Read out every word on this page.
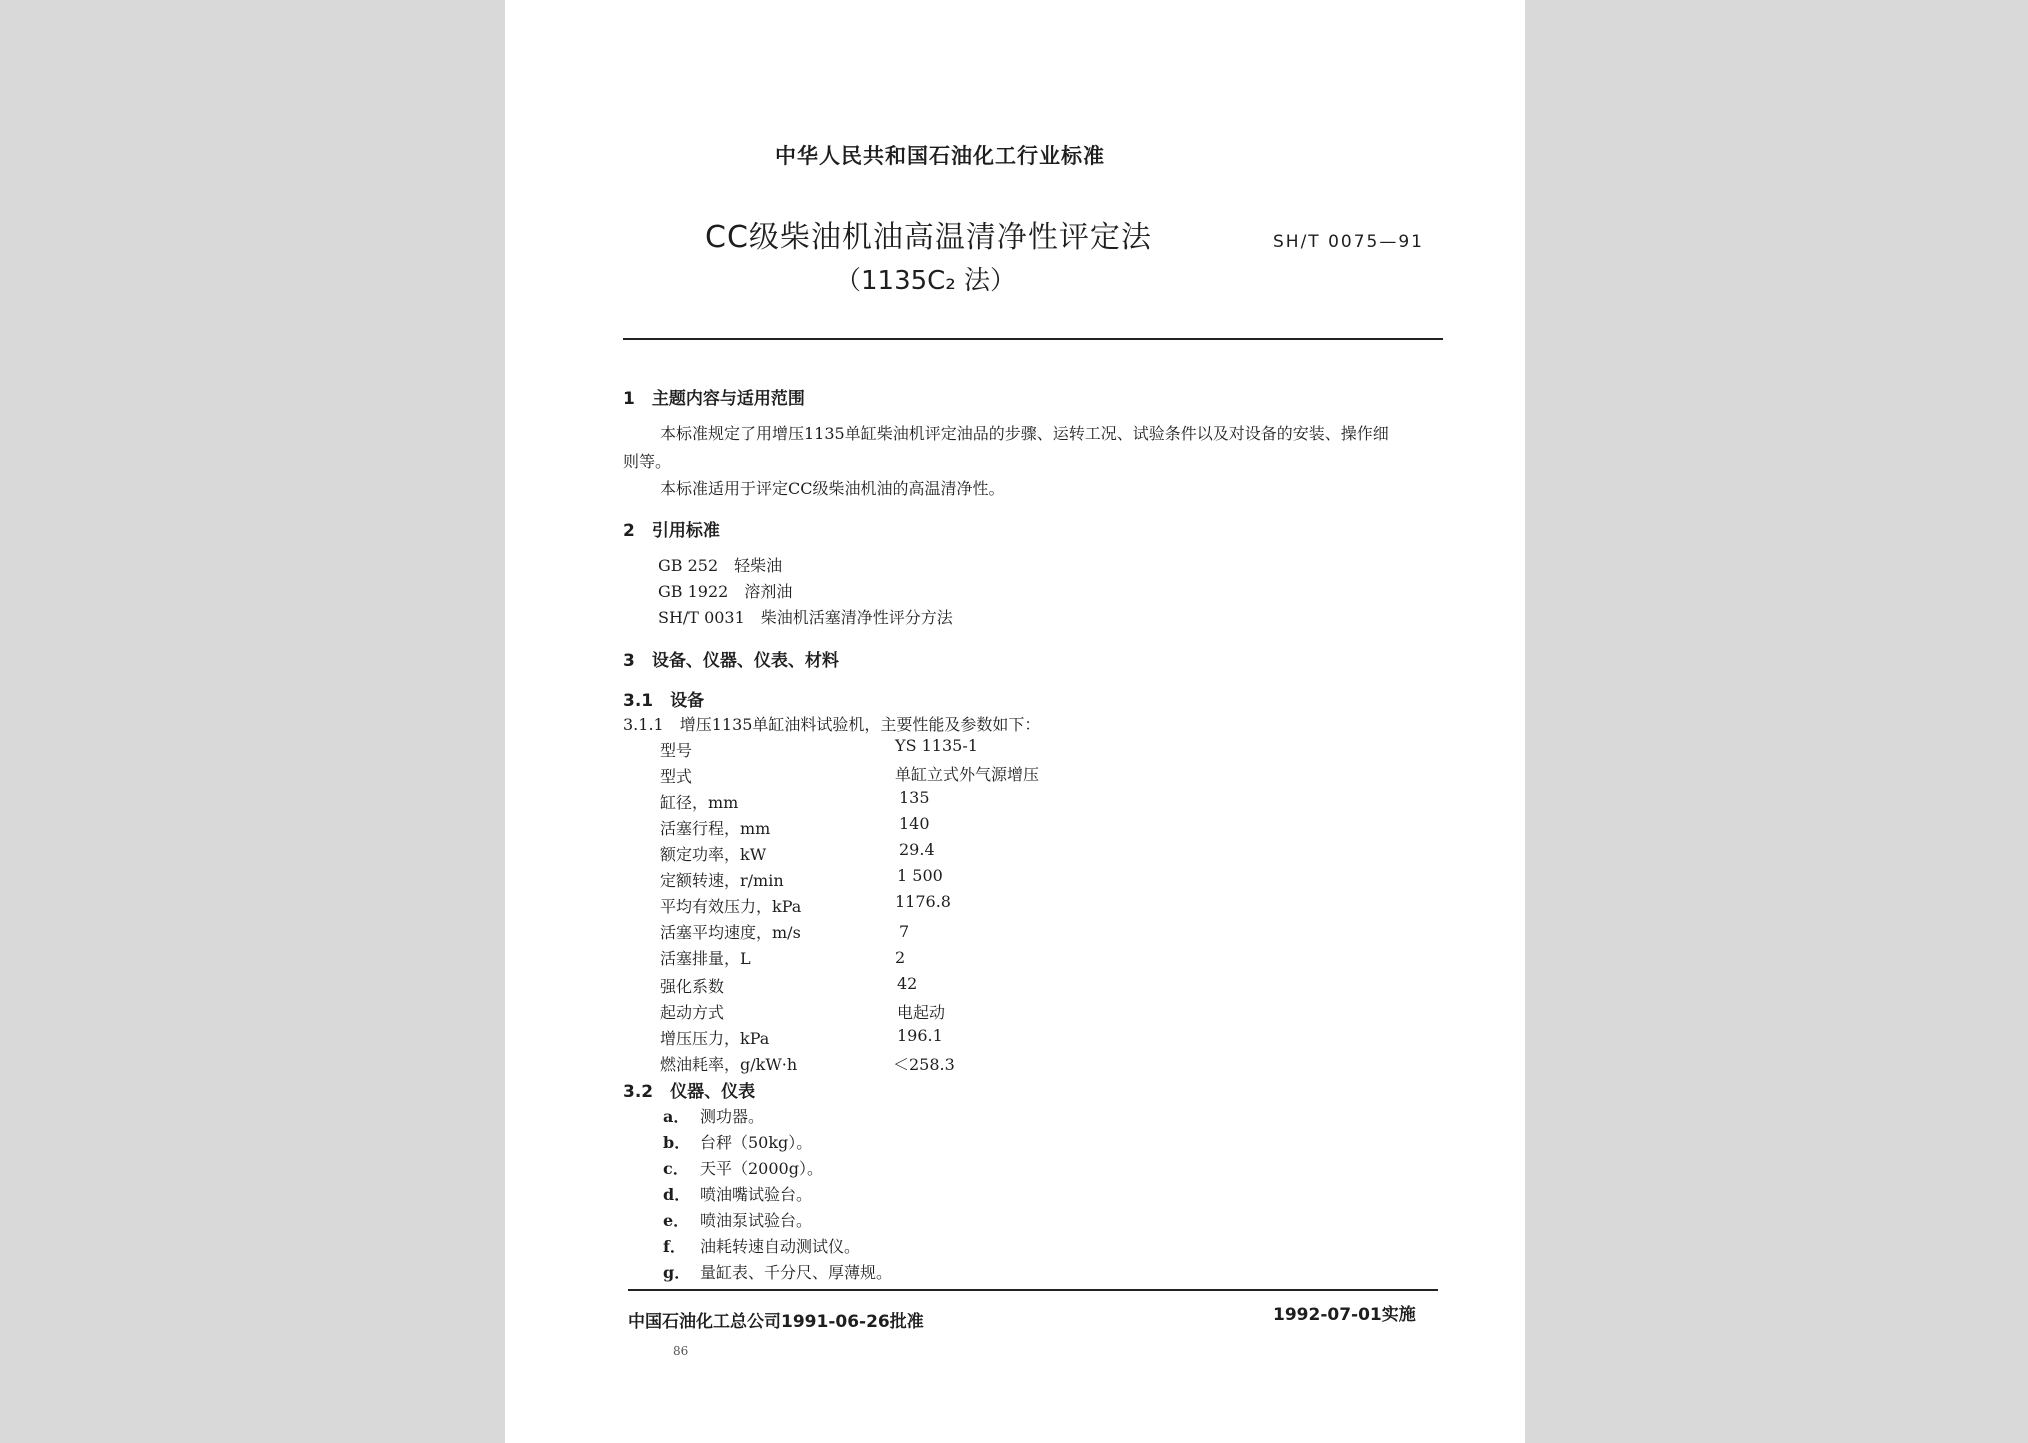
中华人民共和国石油化工行业标准
CC级柴油机油高温清净性评定法
（1135C₂ 法）
SH/T 0075—91
1　主题内容与适用范围
本标准规定了用增压1135单缸柴油机评定油品的步骤、运转工况、试验条件以及对设备的安装、操作细
则等。
本标准适用于评定CC级柴油机油的高温清净性。
2　引用标准
GB 252　轻柴油
GB 1922　溶剂油
SH/T 0031　柴油机活塞清净性评分方法
3　设备、仪器、仪表、材料
3.1　设备
3.1.1　增压1135单缸油料试验机，主要性能及参数如下：
型号	YS 1135-1
型式	单缸立式外气源增压
缸径，mm	135
活塞行程，mm	140
额定功率，kW	29.4
定额转速，r/min	1 500
平均有效压力，kPa	1176.8
活塞平均速度，m/s	7
活塞排量，L	2
强化系数	42
起动方式	电起动
增压压力，kPa	196.1
燃油耗率，g/kW·h	＜258.3
3.2　仪器、仪表
a． 测功器。
b． 台秤（50kg）。
c． 天平（2000g）。
d． 喷油嘴试验台。
e． 喷油泵试验台。
f． 油耗转速自动测试仪。
g． 量缸表、千分尺、厚薄规。
中国石油化工总公司1991-06-26批准	1992-07-01实施
86
